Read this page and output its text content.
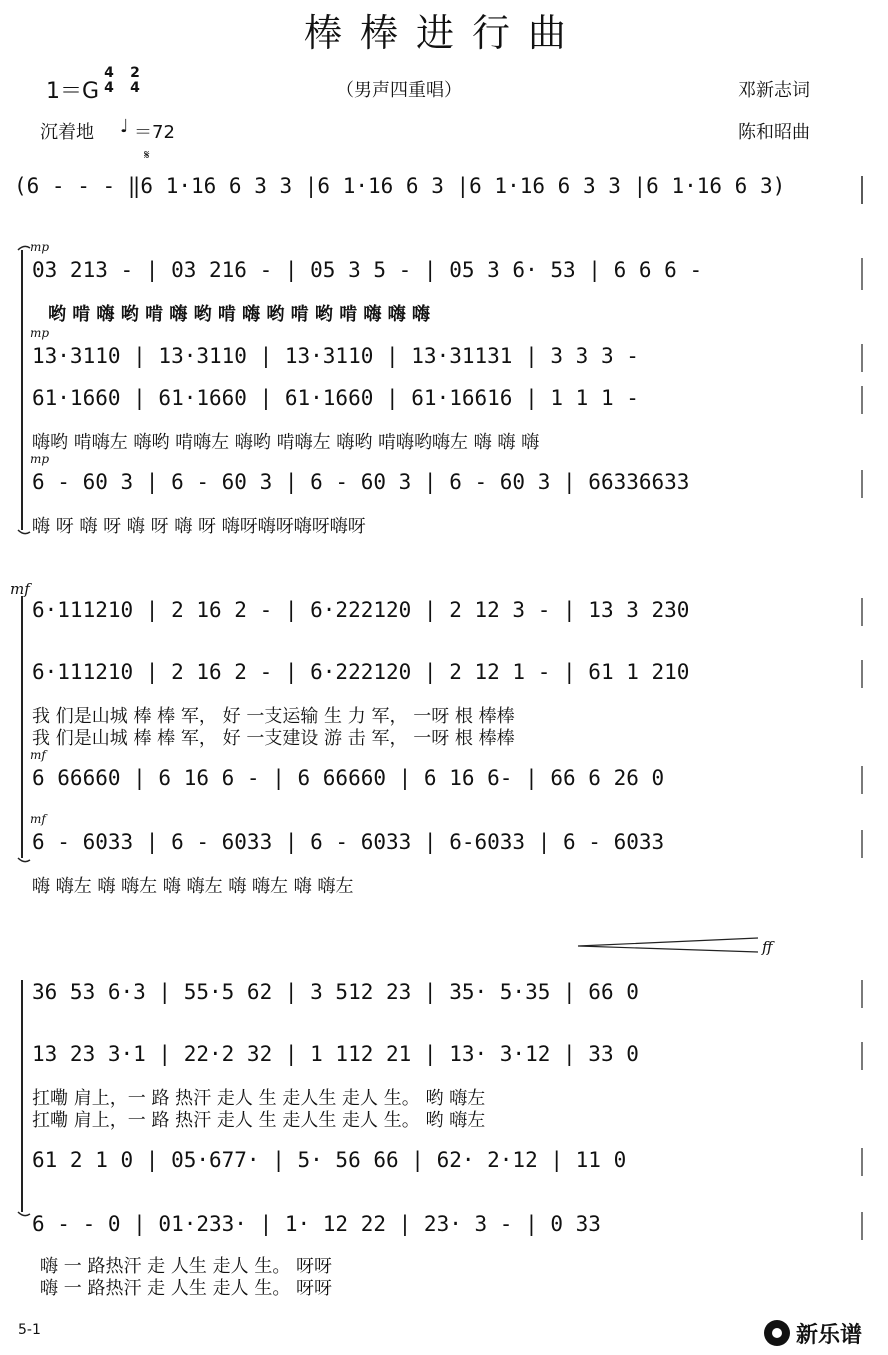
棒棒进行曲
1＝G
4
4
2
4	（男声四重唱）	邓新志词
沉着地 ♩ ＝72	陈和昭曲
𝄋
(6 - - - ‖6 1·16 6 3 3 |6 1·16 6 3 |6 1·16 6 3 3 |6 1·16 6 3)
mp
03 213 - | 03 216 - | 05 3 5 - | 05 3 6· 53 | 6 6 6 -
哟 啃 嗨 哟 啃 嗨 哟 啃 嗨 哟 啃 哟 啃 嗨 嗨 嗨
mp
13·3110 | 13·3110 | 13·3110 | 13·31131 | 3 3 3 -
61·1660 | 61·1660 | 61·1660 | 61·16616 | 1 1 1 -
嗨哟 啃嗨左 嗨哟 啃嗨左 嗨哟 啃嗨左 嗨哟 啃嗨哟嗨左 嗨 嗨 嗨
mp
6 - 60 3 | 6 - 60 3 | 6 - 60 3 | 6 - 60 3 | 66336633
嗨 呀 嗨 呀 嗨 呀 嗨 呀 嗨呀嗨呀嗨呀嗨呀
mf
6·111210 | 2 16 2 - | 6·222120 | 2 12 3 - | 13 3 230
6·111210 | 2 16 2 - | 6·222120 | 2 12 1 - | 61 1 210
我 们是山城 棒 棒 军， 好 一支运输 生 力 军， 一呀 根 棒棒
我 们是山城 棒 棒 军， 好 一支建设 游 击 军， 一呀 根 棒棒
mf
6 66660 | 6 16 6 - | 6 66660 | 6 16 6- | 66 6 26 0
mf
6 - 6033 | 6 - 6033 | 6 - 6033 | 6-6033 | 6 - 6033
嗨 嗨左 嗨 嗨左 嗨 嗨左 嗨 嗨左 嗨 嗨左
ff
36 53 6·3 | 55·5 62 | 3 512 23 | 35· 5·35 | 66 0
13 23 3·1 | 22·2 32 | 1 112 21 | 13· 3·12 | 33 0
扛嘞 肩上，一 路 热汗 走人 生 走人生 走人 生。 哟 嗨左
扛嘞 肩上，一 路 热汗 走人 生 走人生 走人 生。 哟 嗨左
61 2 1 0 | 05·677· | 5· 56 66 | 62· 2·12 | 11 0
6 - - 0 | 01·233· | 1· 12 22 | 23· 3 - | 0 33
嗨 一 路热汗 走 人生 走人 生。 呀呀
嗨 一 路热汗 走 人生 走人 生。 呀呀
5-1	新乐谱
